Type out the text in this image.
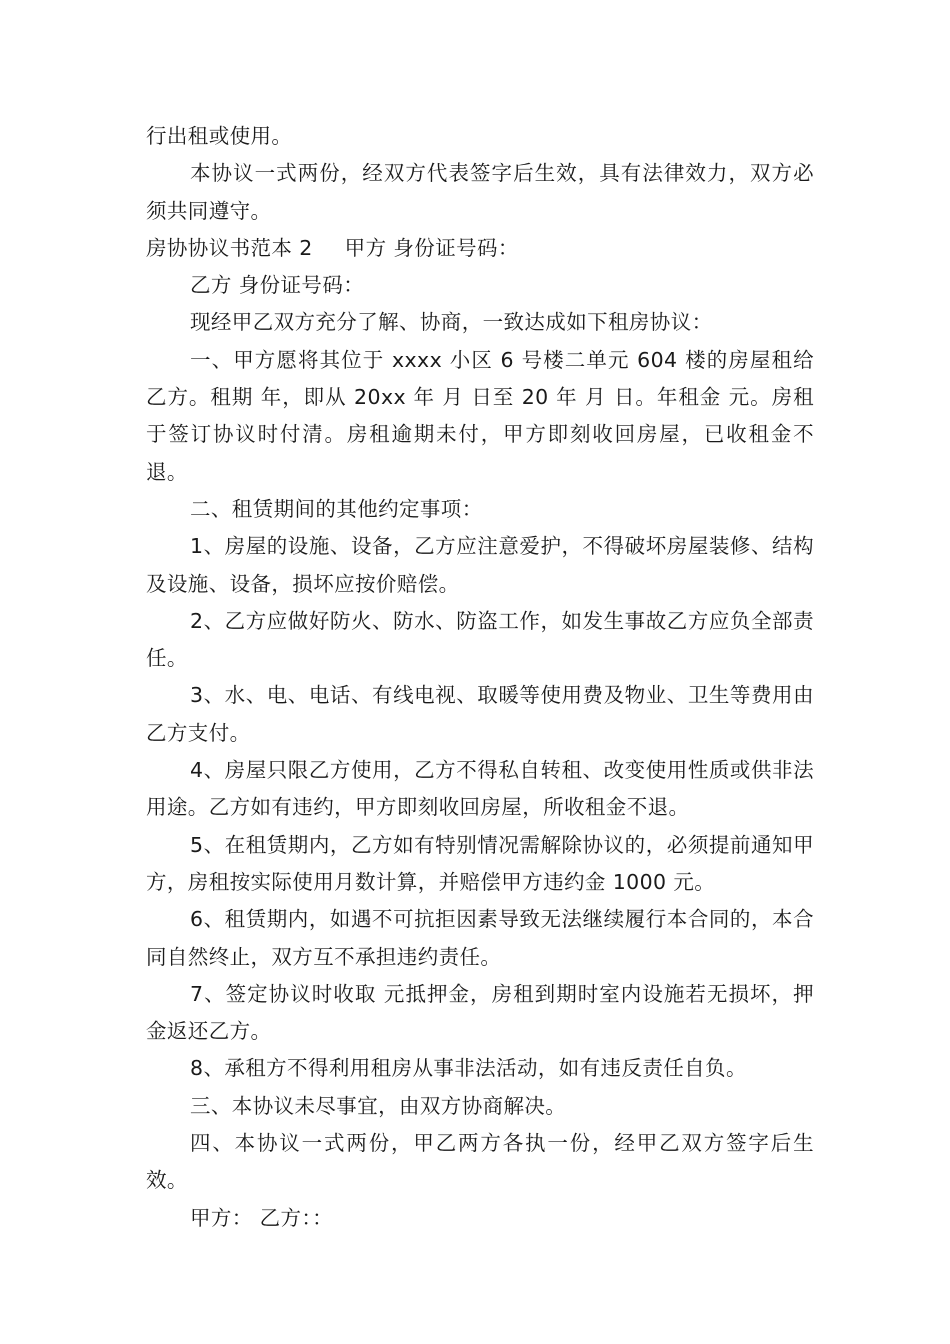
行出租或使用。

本协议一式两份，经双方代表签字后生效，具有法律效力，双方必须共同遵守。

房协协议书范本 2 甲方 身份证号码：

乙方 身份证号码：

现经甲乙双方充分了解、协商，一致达成如下租房协议：

一、甲方愿将其位于 xxxx 小区 6 号楼二单元 604 楼的房屋租给乙方。租期 年，即从 20xx 年 月 日至 20 年 月 日。年租金 元。房租于签订协议时付清。房租逾期未付，甲方即刻收回房屋，已收租金不退。

二、租赁期间的其他约定事项：

1、房屋的设施、设备，乙方应注意爱护，不得破坏房屋装修、结构及设施、设备，损坏应按价赔偿。

2、乙方应做好防火、防水、防盗工作，如发生事故乙方应负全部责任。

3、水、电、电话、有线电视、取暖等使用费及物业、卫生等费用由乙方支付。

4、房屋只限乙方使用，乙方不得私自转租、改变使用性质或供非法用途。乙方如有违约，甲方即刻收回房屋，所收租金不退。

5、在租赁期内，乙方如有特别情况需解除协议的，必须提前通知甲方，房租按实际使用月数计算，并赔偿甲方违约金 1000 元。

6、租赁期内，如遇不可抗拒因素导致无法继续履行本合同的，本合同自然终止，双方互不承担违约责任。

7、签定协议时收取 元抵押金，房租到期时室内设施若无损坏，押金返还乙方。

8、承租方不得利用租房从事非法活动，如有违反责任自负。

三、本协议未尽事宜，由双方协商解决。

四、本协议一式两份，甲乙两方各执一份，经甲乙双方签字后生效。

甲方： 乙方：：
